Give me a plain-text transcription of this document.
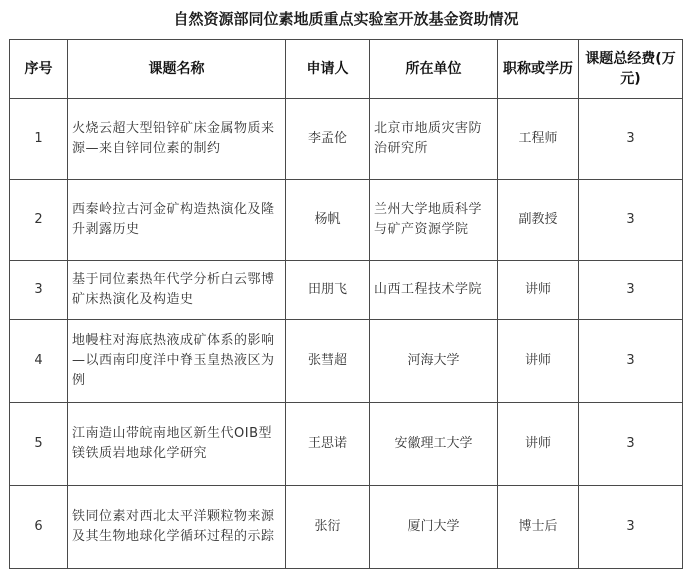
自然资源部同位素地质重点实验室开放基金资助情况
序号	课题名称	申请人	所在单位	职称或学历	课题总经费(万元)
1	火烧云超大型铅锌矿床金属物质来源—来自锌同位素的制约	李孟伦	北京市地质灾害防治研究所	工程师	3
2	西秦岭拉古河金矿构造热演化及隆升剥露历史	杨帆	兰州大学地质科学与矿产资源学院	副教授	3
3	基于同位素热年代学分析白云鄂博矿床热演化及构造史	田朋飞	山西工程技术学院	讲师	3
4	地幔柱对海底热液成矿体系的影响—以西南印度洋中脊玉皇热液区为例	张彗超	河海大学	讲师	3
5	江南造山带皖南地区新生代OIB型镁铁质岩地球化学研究	王思诺	安徽理工大学	讲师	3
6	铁同位素对西北太平洋颗粒物来源及其生物地球化学循环过程的示踪	张衍	厦门大学	博士后	3
